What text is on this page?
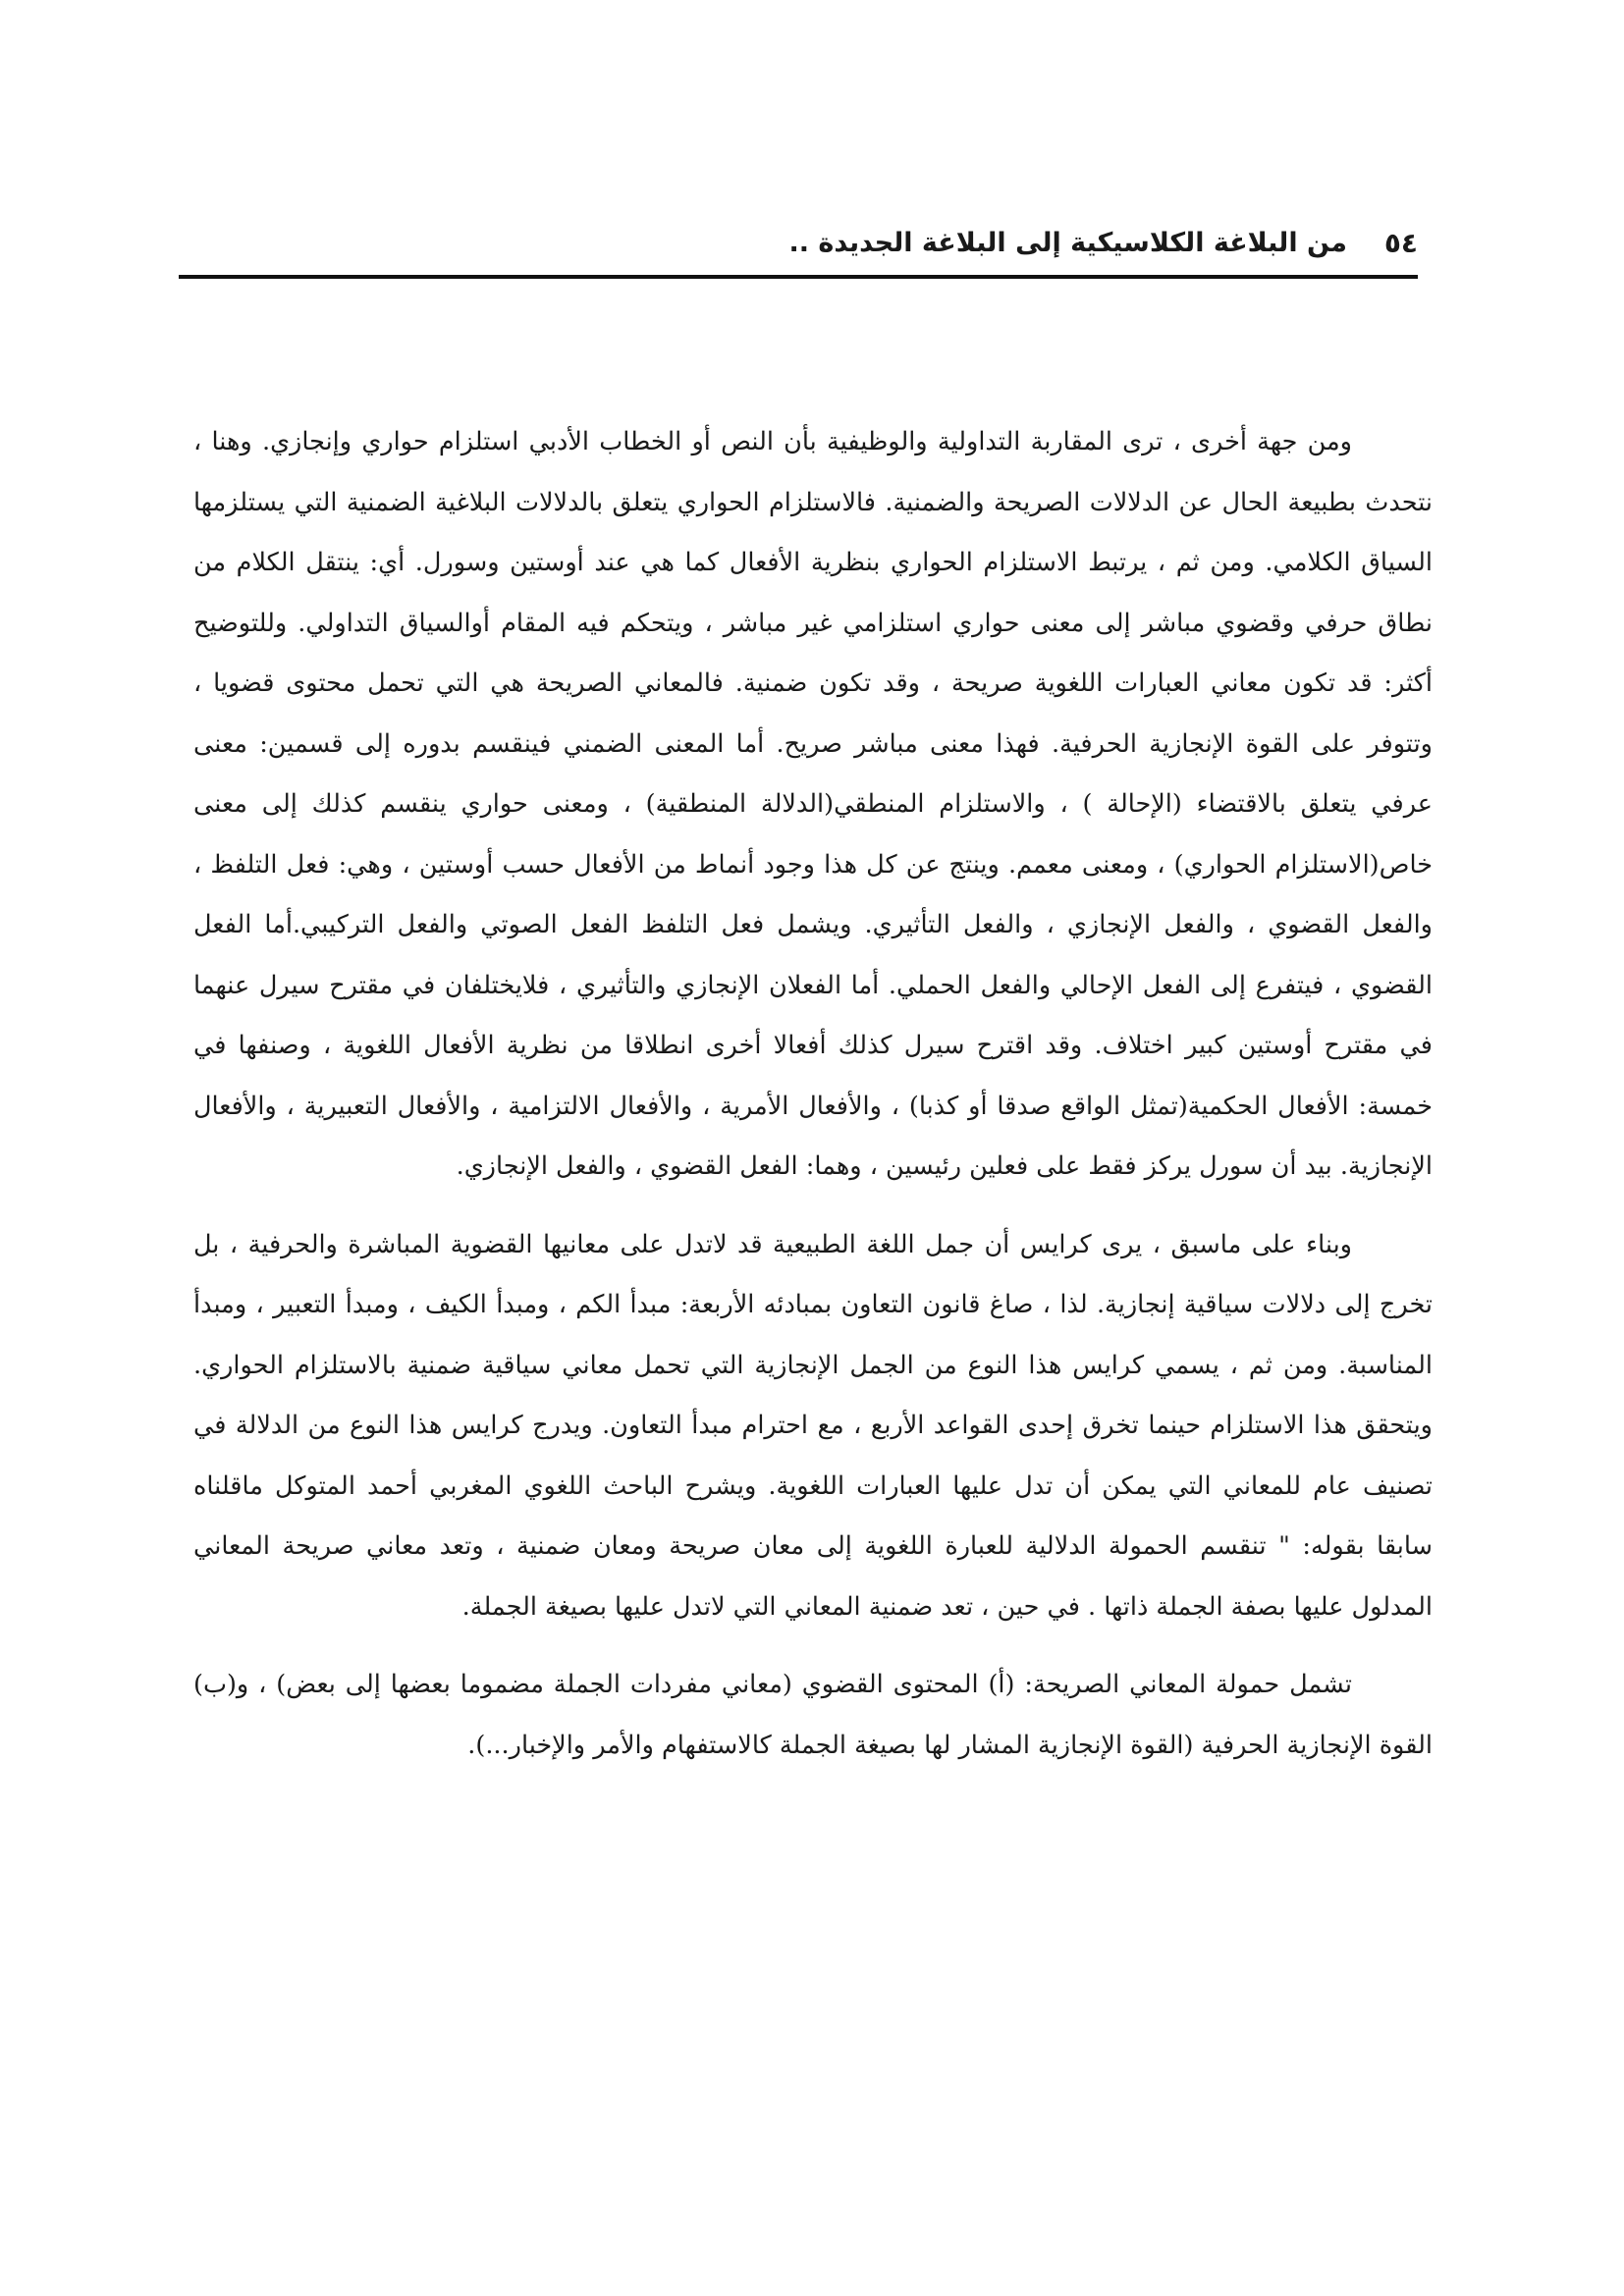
٥٤
من البلاغة الكلاسيكية إلى البلاغة الجديدة ..

ومن جهة أخرى ، ترى المقاربة التداولية والوظيفية بأن النص أو الخطاب الأدبي استلزام حواري وإنجازي. وهنا ، نتحدث بطبيعة الحال عن الدلالات الصريحة والضمنية. فالاستلزام الحواري يتعلق بالدلالات البلاغية الضمنية التي يستلزمها السياق الكلامي. ومن ثم ، يرتبط الاستلزام الحواري بنظرية الأفعال كما هي عند أوستين وسورل. أي: ينتقل الكلام من نطاق حرفي وقضوي مباشر إلى معنى حواري استلزامي غير مباشر ، ويتحكم فيه المقام أوالسياق التداولي. وللتوضيح أكثر: قد تكون معاني العبارات اللغوية صريحة ، وقد تكون ضمنية. فالمعاني الصريحة هي التي تحمل محتوى قضويا ، وتتوفر على القوة الإنجازية الحرفية. فهذا معنى مباشر صريح. أما المعنى الضمني فينقسم بدوره إلى قسمين: معنى عرفي يتعلق بالاقتضاء (الإحالة ) ، والاستلزام المنطقي(الدلالة المنطقية) ، ومعنى حواري ينقسم كذلك إلى معنى خاص(الاستلزام الحواري) ، ومعنى معمم. وينتج عن كل هذا وجود أنماط من الأفعال حسب أوستين ، وهي: فعل التلفظ ، والفعل القضوي ، والفعل الإنجازي ، والفعل التأثيري. ويشمل فعل التلفظ الفعل الصوتي والفعل التركيبي.أما الفعل القضوي ، فيتفرع إلى الفعل الإحالي والفعل الحملي. أما الفعلان الإنجازي والتأثيري ، فلايختلفان في مقترح سيرل عنهما في مقترح أوستين كبير اختلاف. وقد اقترح سيرل كذلك أفعالا أخرى انطلاقا من نظرية الأفعال اللغوية ، وصنفها في خمسة: الأفعال الحكمية(تمثل الواقع صدقا أو كذبا) ، والأفعال الأمرية ، والأفعال الالتزامية ، والأفعال التعبيرية ، والأفعال الإنجازية. بيد أن سورل يركز فقط على فعلين رئيسين ، وهما: الفعل القضوي ، والفعل الإنجازي.

وبناء على ماسبق ، يرى كرايس أن جمل اللغة الطبيعية قد لاتدل على معانيها القضوية المباشرة والحرفية ، بل تخرج إلى دلالات سياقية إنجازية. لذا ، صاغ قانون التعاون بمبادئه الأربعة: مبدأ الكم ، ومبدأ الكيف ، ومبدأ التعبير ، ومبدأ المناسبة. ومن ثم ، يسمي كرايس هذا النوع من الجمل الإنجازية التي تحمل معاني سياقية ضمنية بالاستلزام الحواري. ويتحقق هذا الاستلزام حينما تخرق إحدى القواعد الأربع ، مع احترام مبدأ التعاون. ويدرج كرايس هذا النوع من الدلالة في تصنيف عام للمعاني التي يمكن أن تدل عليها العبارات اللغوية. ويشرح الباحث اللغوي المغربي أحمد المتوكل ماقلناه سابقا بقوله: " تنقسم الحمولة الدلالية للعبارة اللغوية إلى معان صريحة ومعان ضمنية ، وتعد معاني صريحة المعاني المدلول عليها بصفة الجملة ذاتها . في حين ، تعد ضمنية المعاني التي لاتدل عليها بصيغة الجملة.

تشمل حمولة المعاني الصريحة: (أ) المحتوى القضوي (معاني مفردات الجملة مضموما بعضها إلى بعض) ، و(ب) القوة الإنجازية الحرفية (القوة الإنجازية المشار لها بصيغة الجملة كالاستفهام والأمر والإخبار...).
